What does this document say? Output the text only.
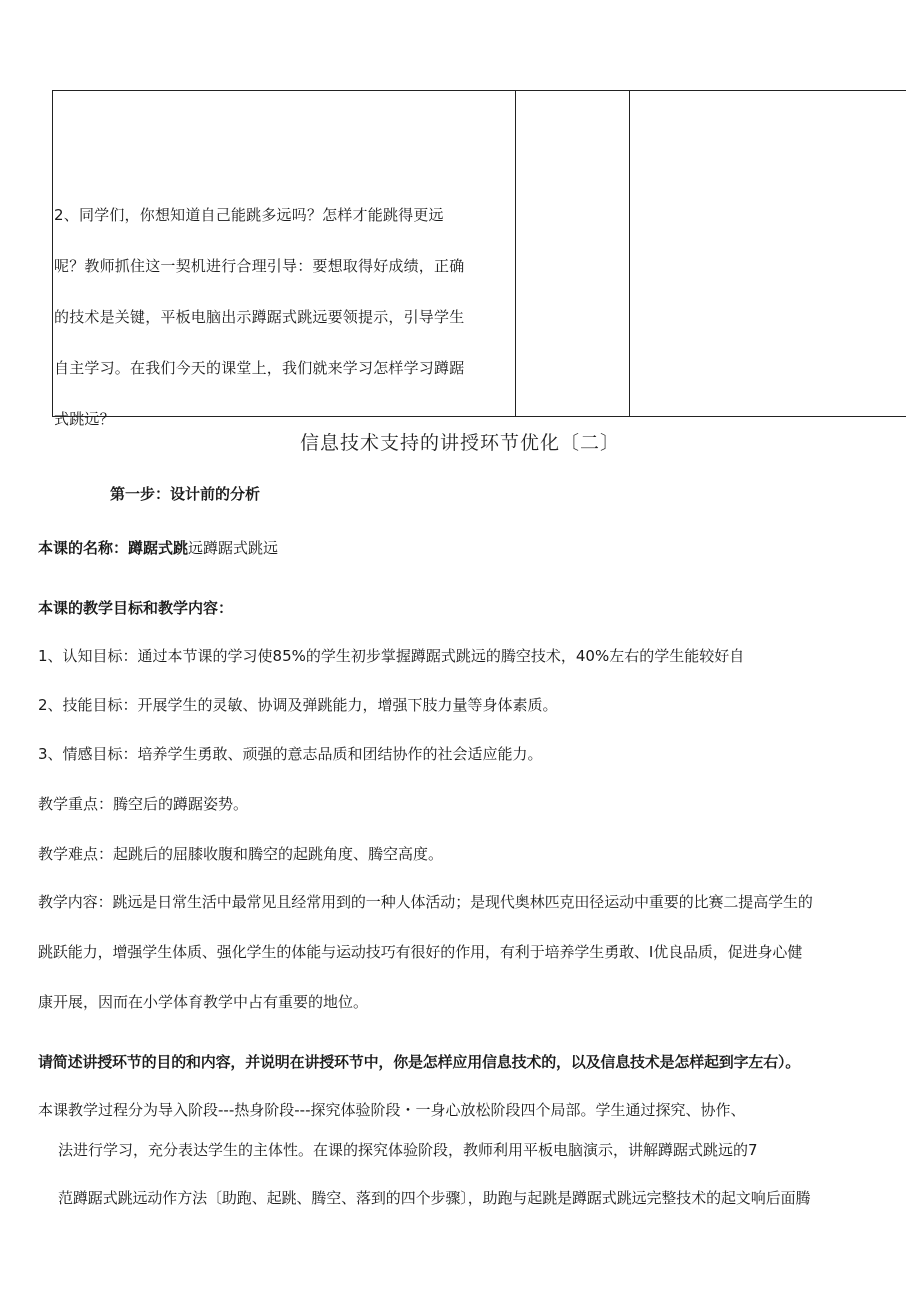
2、同学们，你想知道自己能跳多远吗？怎样才能跳得更远

呢？教师抓住这一契机进行合理引导：要想取得好成绩，正确

的技术是关键，平板电脑出示蹲踞式跳远要领提示，引导学生

自主学习。在我们今天的课堂上，我们就来学习怎样学习蹲踞

式跳远？

信息技术支持的讲授环节优化〔二〕
第一步：设计前的分析
本课的名称：蹲踞式跳远蹲踞式跳远
本课的教学目标和教学内容：
1、认知目标：通过本节课的学习使85%的学生初步掌握蹲踞式跳远的腾空技术，40%左右的学生能较好自
2、技能目标：开展学生的灵敏、协调及弹跳能力，增强下肢力量等身体素质。
3、情感目标：培养学生勇敢、顽强的意志品质和团结协作的社会适应能力。
教学重点：腾空后的蹲踞姿势。
教学难点：起跳后的屈膝收腹和腾空的起跳角度、腾空高度。
教学内容：跳远是日常生活中最常见且经常用到的一种人体活动；是现代奥林匹克田径运动中重要的比赛二提高学生的
跳跃能力，增强学生体质、强化学生的体能与运动技巧有很好的作用，有利于培养学生勇敢、I优良品质，促进身心健
康开展，因而在小学体育教学中占有重要的地位。
请简述讲授环节的目的和内容，并说明在讲授环节中，你是怎样应用信息技术的，以及信息技术是怎样起到字左右）。
本课教学过程分为导入阶段---热身阶段---探究体验阶段・一身心放松阶段四个局部。学生通过探究、协作、
法进行学习，充分表达学生的主体性。在课的探究体验阶段，教师利用平板电脑演示，讲解蹲踞式跳远的7
范蹲踞式跳远动作方法〔助跑、起跳、腾空、落到的四个步骤〕，助跑与起跳是蹲踞式跳远完整技术的起文响后面腾
